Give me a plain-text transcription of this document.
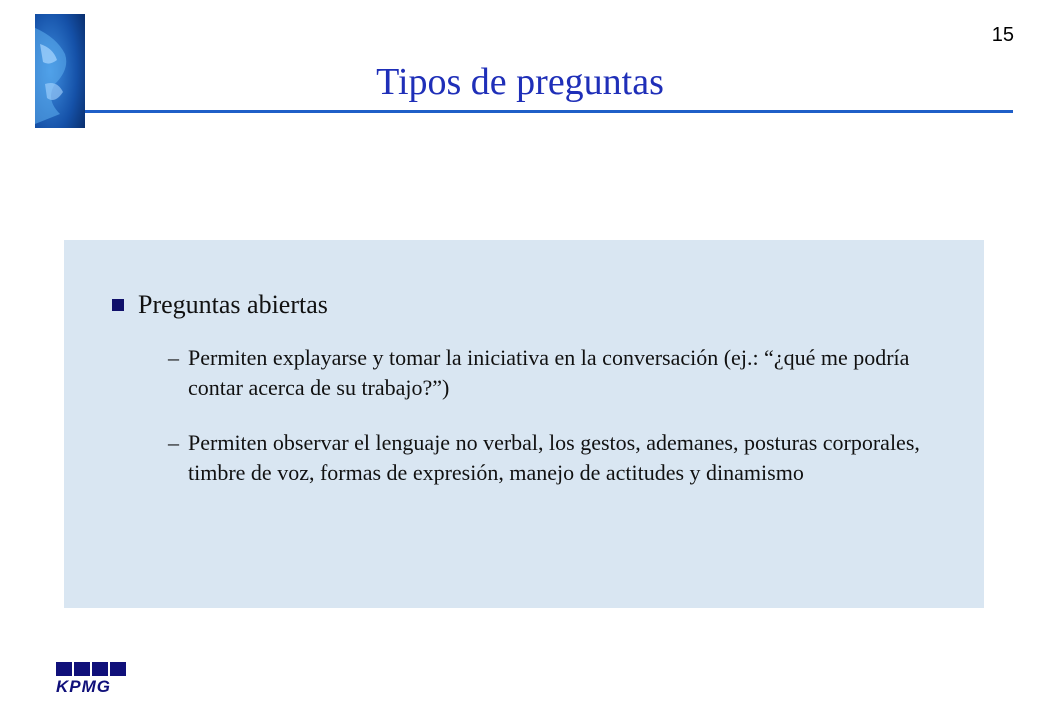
15
Tipos de preguntas
Preguntas abiertas
– Permiten explayarse y tomar la iniciativa en la conversación (ej.: “¿qué me podría contar acerca de su trabajo?”)
– Permiten observar el lenguaje no verbal, los gestos, ademanes, posturas corporales, timbre de voz, formas de expresión, manejo de actitudes y dinamismo
KPMG
